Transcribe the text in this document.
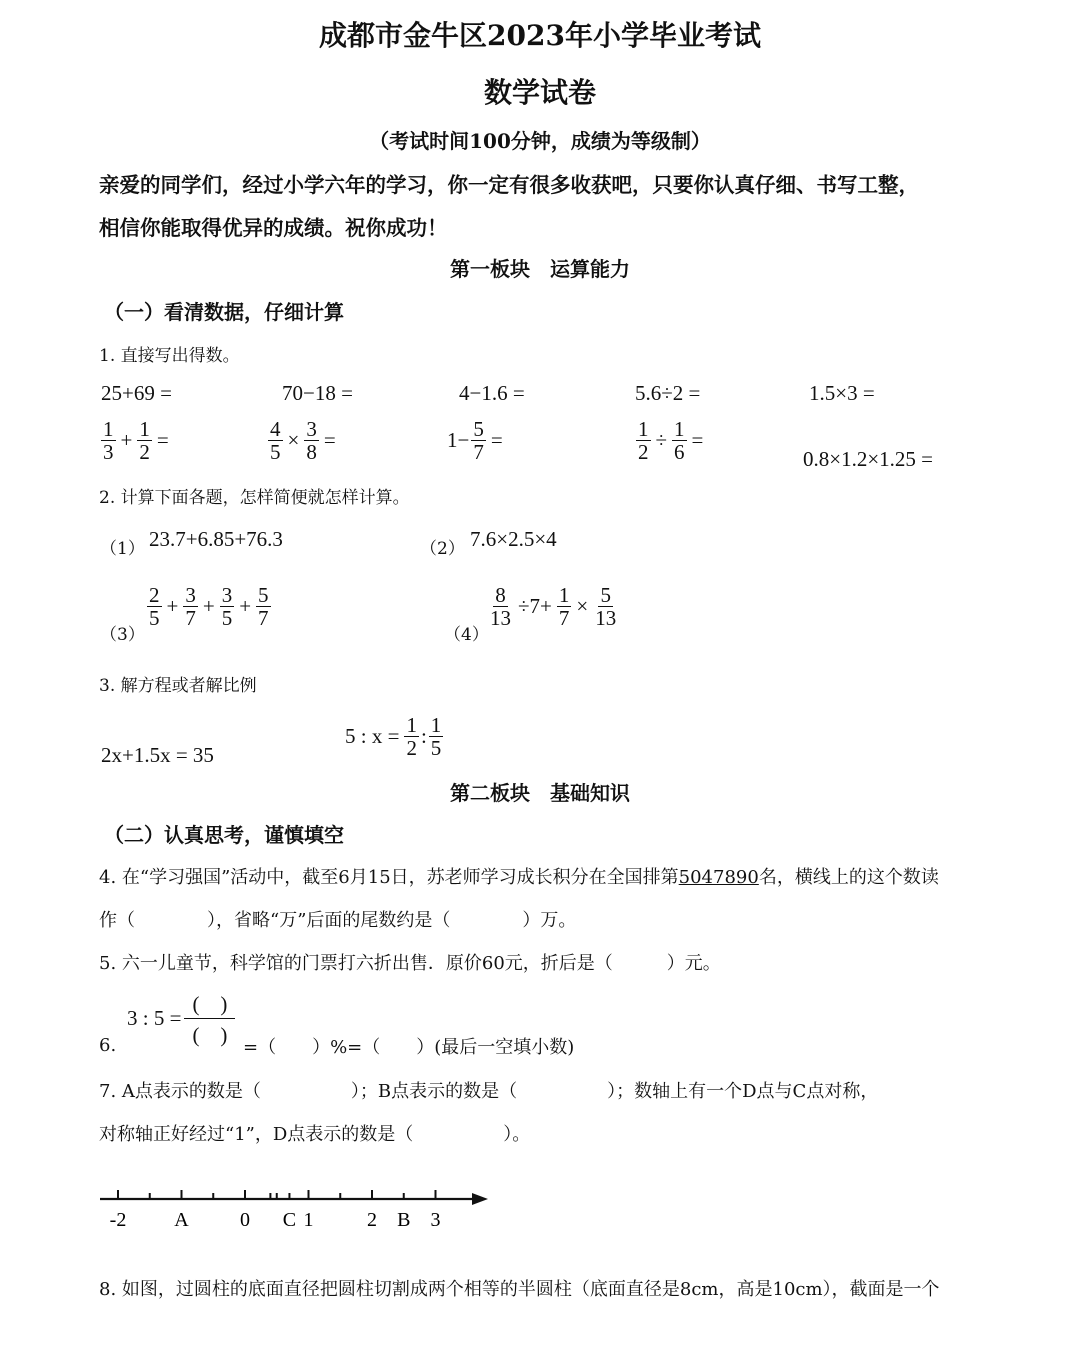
成都市金牛区2023年小学毕业考试
数学试卷
（考试时间100分钟，成绩为等级制）
亲爱的同学们，经过小学六年的学习，你一定有很多收获吧，只要你认真仔细、书写工整，
相信你能取得优异的成绩。祝你成功！
第一板块　运算能力
（一）看清数据，仔细计算
1. 直接写出得数。
25+69 =	70−18 =	4−1.6 =	5.6÷2 =	1.5×3 =
$\frac{1}{3} + \frac{1}{2}$ =	$\frac{4}{5} \times \frac{3}{8}$ =	$1- \frac{5}{7}$ =	$\frac{1}{2} \div \frac{1}{6}$ =
0.8×1.2×1.25 =
2. 计算下面各题，怎样简便就怎样计算。
（1） 23.7+6.85+76.3	（2） 7.6×2.5×4
（3）
$\frac{2}{5} + \frac{3}{7} + \frac{3}{5} + \frac{5}{7}$
（4）
$\frac{8}{13} \div 7+ \frac{1}{7} \times \frac{5}{13}$
3. 解方程或者解比例
2x+1.5x = 35
5 : $x = \frac{1}{2}$ : $\frac{1}{5}$
第二板块　基础知识
（二）认真思考，谨慎填空
4. 在“学习强国”活动中，截至6月15日，苏老师学习成长积分在全国排第5047890名，横线上的这个数读
作（　　　　），省略“万”后面的尾数约是（　　　　）万。
5. 六一儿童节，科学馆的门票打六折出售．原价60元，折后是（　　　）元。
6.
3 : $5 = \frac{( )}{( )}$ =（　　）%=（　　）(最后一空填小数)
7. A点表示的数是（　　　　　）；B点表示的数是（　　　　　）；数轴上有一个D点与C点对称，
对称轴正好经过“1”，D点表示的数是（　　　　　）。
-2 A	0 C 1	2 B 3
8. 如图，过圆柱的底面直径把圆柱切割成两个相等的半圆柱（底面直径是8cm，高是10cm），截面是一个
